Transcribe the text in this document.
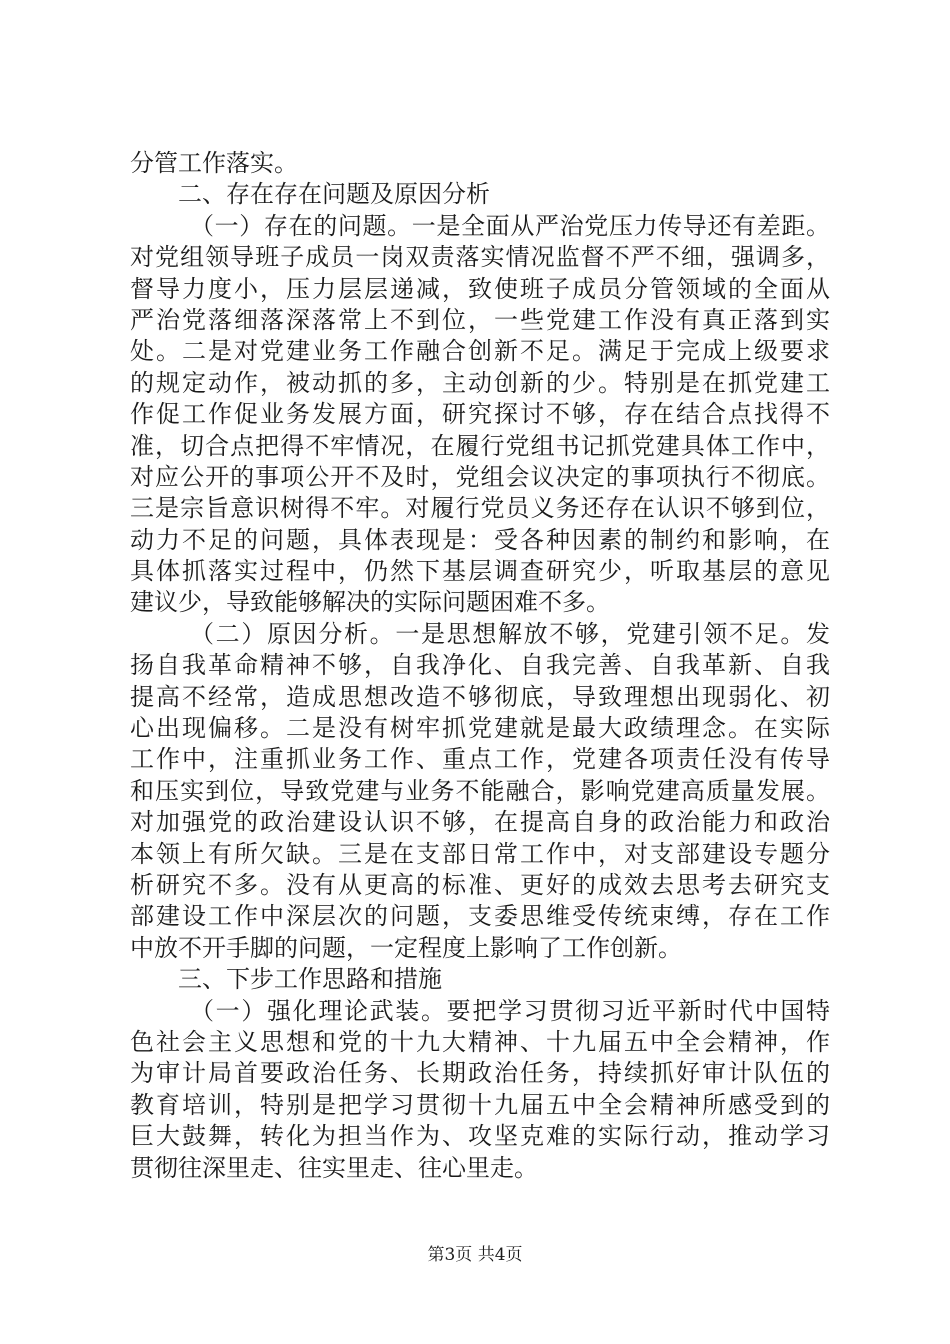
分管工作落实。
二、存在存在问题及原因分析
（一）存在的问题。一是全面从严治党压力传导还有差距。
对党组领导班子成员一岗双责落实情况监督不严不细，强调多，
督导力度小，压力层层递减，致使班子成员分管领域的全面从
严治党落细落深落常上不到位，一些党建工作没有真正落到实
处。二是对党建业务工作融合创新不足。满足于完成上级要求
的规定动作，被动抓的多，主动创新的少。特别是在抓党建工
作促工作促业务发展方面，研究探讨不够，存在结合点找得不
准，切合点把得不牢情况，在履行党组书记抓党建具体工作中，
对应公开的事项公开不及时，党组会议决定的事项执行不彻底。
三是宗旨意识树得不牢。对履行党员义务还存在认识不够到位，
动力不足的问题，具体表现是：受各种因素的制约和影响，在
具体抓落实过程中，仍然下基层调查研究少，听取基层的意见
建议少，导致能够解决的实际问题困难不多。
（二）原因分析。一是思想解放不够，党建引领不足。发
扬自我革命精神不够，自我净化、自我完善、自我革新、自我
提高不经常，造成思想改造不够彻底，导致理想出现弱化、初
心出现偏移。二是没有树牢抓党建就是最大政绩理念。在实际
工作中，注重抓业务工作、重点工作，党建各项责任没有传导
和压实到位，导致党建与业务不能融合，影响党建高质量发展。
对加强党的政治建设认识不够，在提高自身的政治能力和政治
本领上有所欠缺。三是在支部日常工作中，对支部建设专题分
析研究不多。没有从更高的标准、更好的成效去思考去研究支
部建设工作中深层次的问题，支委思维受传统束缚，存在工作
中放不开手脚的问题，一定程度上影响了工作创新。
三、下步工作思路和措施
（一）强化理论武装。要把学习贯彻习近平新时代中国特
色社会主义思想和党的十九大精神、十九届五中全会精神，作
为审计局首要政治任务、长期政治任务，持续抓好审计队伍的
教育培训，特别是把学习贯彻十九届五中全会精神所感受到的
巨大鼓舞，转化为担当作为、攻坚克难的实际行动，推动学习
贯彻往深里走、往实里走、往心里走。
第3页 共4页
